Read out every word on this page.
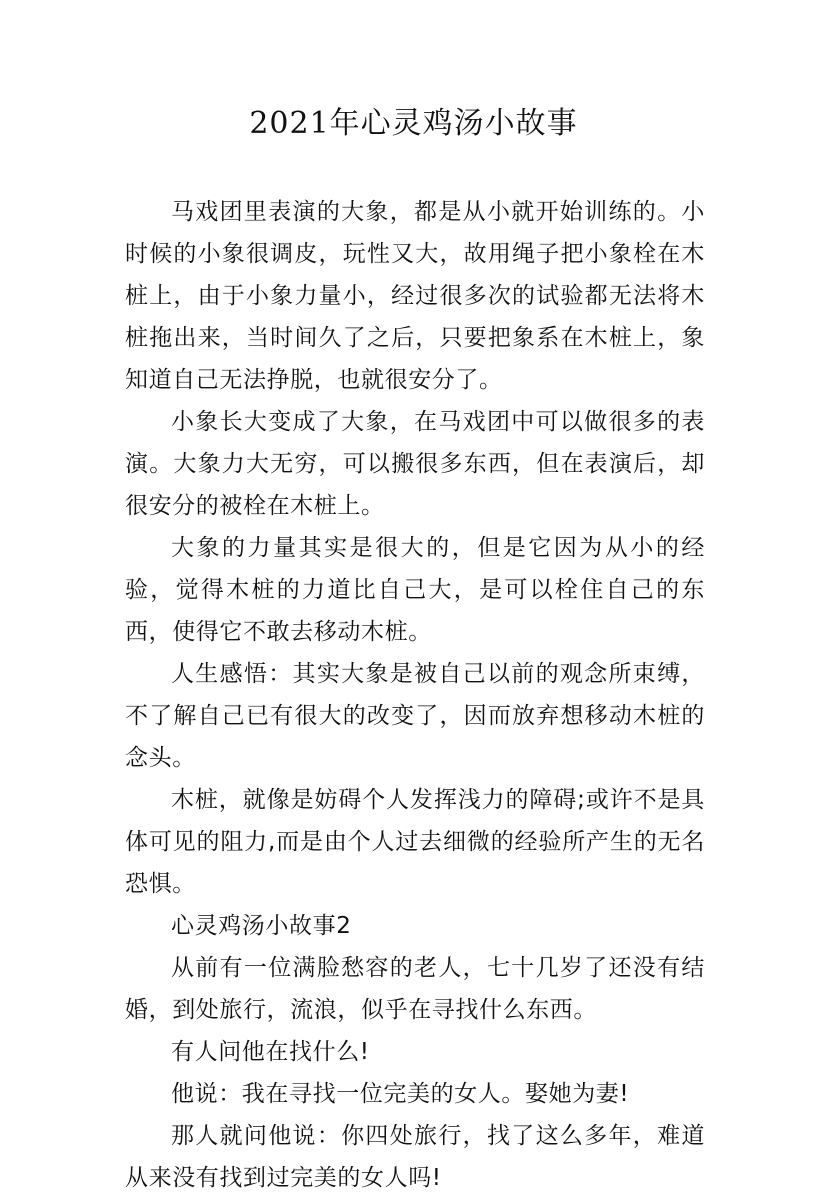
2021年心灵鸡汤小故事

马戏团里表演的大象，都是从小就开始训练的。小时候的小象很调皮，玩性又大，故用绳子把小象栓在木桩上，由于小象力量小，经过很多次的试验都无法将木桩拖出来，当时间久了之后，只要把象系在木桩上，象知道自己无法挣脱，也就很安分了。

小象长大变成了大象，在马戏团中可以做很多的表演。大象力大无穷，可以搬很多东西，但在表演后，却很安分的被栓在木桩上。

大象的力量其实是很大的，但是它因为从小的经验，觉得木桩的力道比自己大，是可以栓住自己的东西，使得它不敢去移动木桩。

人生感悟：其实大象是被自己以前的观念所束缚，不了解自己已有很大的改变了，因而放弃想移动木桩的念头。

木桩，就像是妨碍个人发挥浅力的障碍;或许不是具体可见的阻力,而是由个人过去细微的经验所产生的无名恐惧。

心灵鸡汤小故事2

从前有一位满脸愁容的老人，七十几岁了还没有结婚，到处旅行，流浪，似乎在寻找什么东西。

有人问他在找什么!

他说：我在寻找一位完美的女人。娶她为妻!

那人就问他说：你四处旅行，找了这么多年，难道从来没有找到过完美的女人吗!
